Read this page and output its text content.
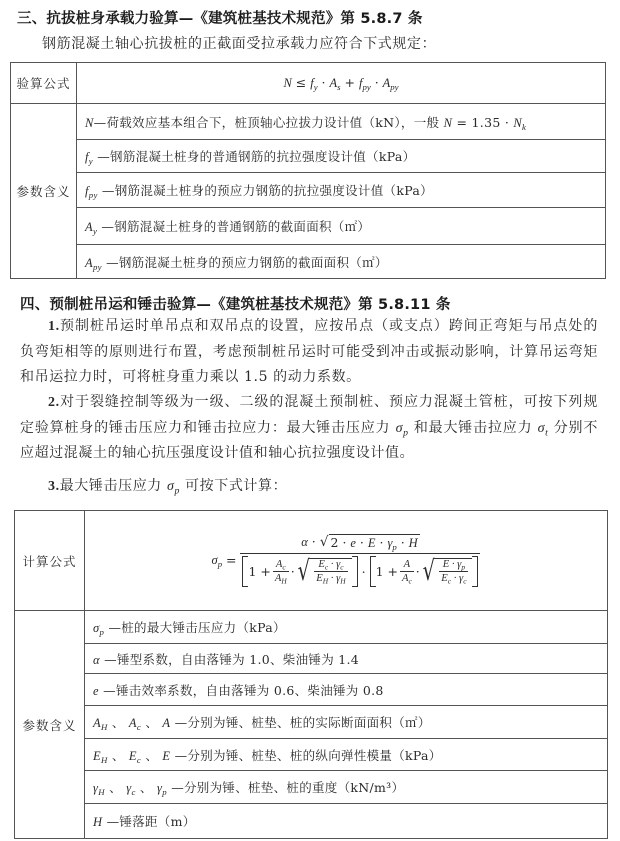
三、抗拔桩身承载力验算—《建筑桩基技术规范》第 5.8.7 条
钢筋混凝土轴心抗拔桩的正截面受拉承载力应符合下式规定：
验算公式	$N \le f_y \cdot A_s + f_{py} \cdot A_{py}$
参数含义	N—荷载效应基本组合下，桩顶轴心拉拔力设计值（kN），一般 $N = 1.35 \cdot N_k$
	$f_y$ —钢筋混凝土桩身的普通钢筋的抗拉强度设计值（kPa）
	$f_{py}$ —钢筋混凝土桩身的预应力钢筋的抗拉强度设计值（kPa）
	$A_y$ —钢筋混凝土桩身的普通钢筋的截面面积（㎡）
	$A_{py}$ —钢筋混凝土桩身的预应力钢筋的截面面积（㎡）
四、预制桩吊运和锤击验算—《建筑桩基技术规范》第 5.8.11 条
1.预制桩吊运时单吊点和双吊点的设置，应按吊点（或支点）跨间正弯矩与吊点处的负弯矩相等的原则进行布置，考虑预制桩吊运时可能受到冲击或振动影响，计算吊运弯矩和吊运拉力时，可将桩身重力乘以 1.5 的动力系数。
2.对于裂缝控制等级为一级、二级的混凝土预制桩、预应力混凝土管桩，可按下列规定验算桩身的锤击压应力和锤击拉应力：最大锤击压应力 $\sigma_p$ 和最大锤击拉应力 $\sigma_t$ 分别不应超过混凝土的轴心抗压强度设计值和轴心抗拉强度设计值。
3.最大锤击压应力 $\sigma_p$ 可按下式计算：
计算公式	$\sigma_p$ =
α · √ $2 \cdot e \cdot E \cdot \gamma_p \cdot H$
$1 + A_c$
$A_H$
· √ $\frac{E_c \cdot \gamma_c}{E_H \cdot \gamma_H}$ ·
1 + A
$A_c$
· √ $\frac{E \cdot \gamma_p}{E_c \cdot \gamma_c}$

参数含义	$\sigma_p$ —桩的最大锤击压应力（kPa）
	α —锤型系数，自由落锤为 1.0、柴油锤为 1.4
	e —锤击效率系数，自由落锤为 0.6、柴油锤为 0.8
	$A_H$ 、 $A_c$ 、 A —分别为锤、桩垫、桩的实际断面面积（㎡）
	$E_H$ 、 $E_c$ 、 E —分别为锤、桩垫、桩的纵向弹性模量（kPa）
	$\gamma_H$ 、 $\gamma_c$ 、 $\gamma_p$ —分别为锤、桩垫、桩的重度（kN/m³）
	H —锤落距（m）
